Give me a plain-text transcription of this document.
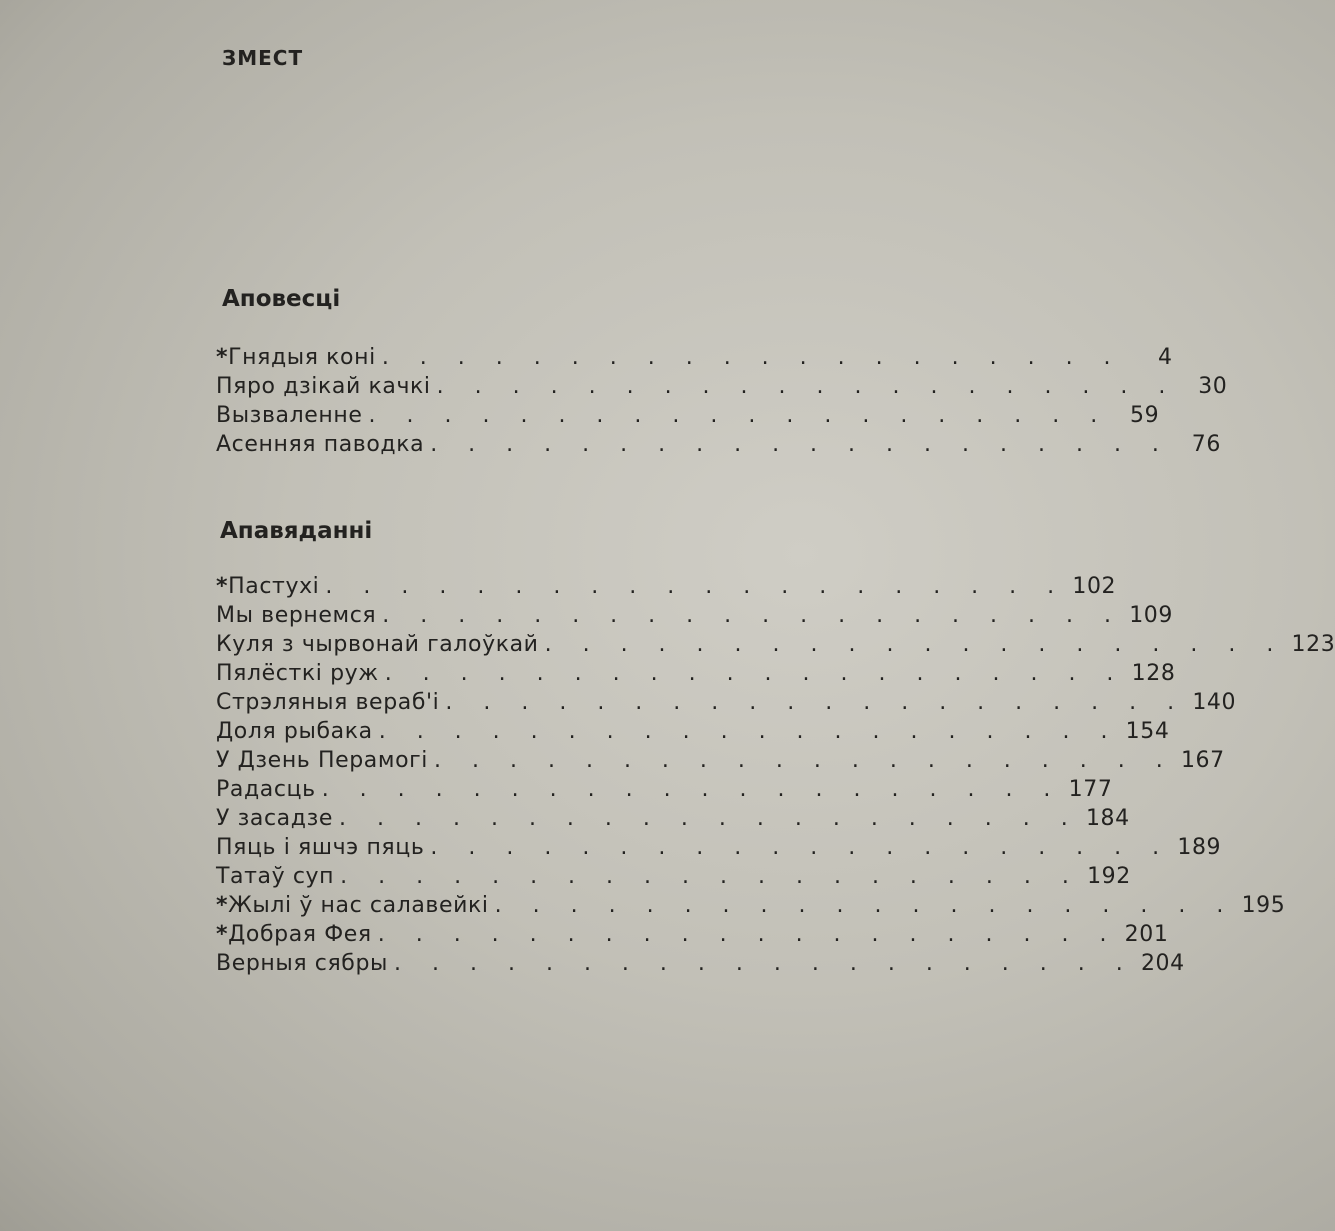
ЗМЕСТ
Аповесці
* Гнядыя коні . . . . . . . . . . . . . . . . . . . .	4
Пяро дзікай качкі . . . . . . . . . . . . . . . . . . . . 30
Вызваленне . . . . . . . . . . . . . . . . . . . . 59
Асенняя паводка . . . . . . . . . . . . . . . . . . . . 76
Апавяданні
* Пастухі . . . . . . . . . . . . . . . . . . . . 102
Мы вернемся . . . . . . . . . . . . . . . . . . . . 109
Куля з чырвонай галоўкай . . . . . . . . . . . . . . . . . . . . 123
Пялёсткі руж . . . . . . . . . . . . . . . . . . . . 128
Стрэляныя вераб'і . . . . . . . . . . . . . . . . . . . . 140
Доля рыбака . . . . . . . . . . . . . . . . . . . . 154
У Дзень Перамогі . . . . . . . . . . . . . . . . . . . . 167
Радасць . . . . . . . . . . . . . . . . . . . . 177
У засадзе . . . . . . . . . . . . . . . . . . . . 184
Пяць і яшчэ пяць . . . . . . . . . . . . . . . . . . . . 189
Татаў суп . . . . . . . . . . . . . . . . . . . . 192
* Жылі ў нас салавейкі . . . . . . . . . . . . . . . . . . . . 195
* Добрая Фея . . . . . . . . . . . . . . . . . . . . 201
Верныя сябры . . . . . . . . . . . . . . . . . . . . 204
